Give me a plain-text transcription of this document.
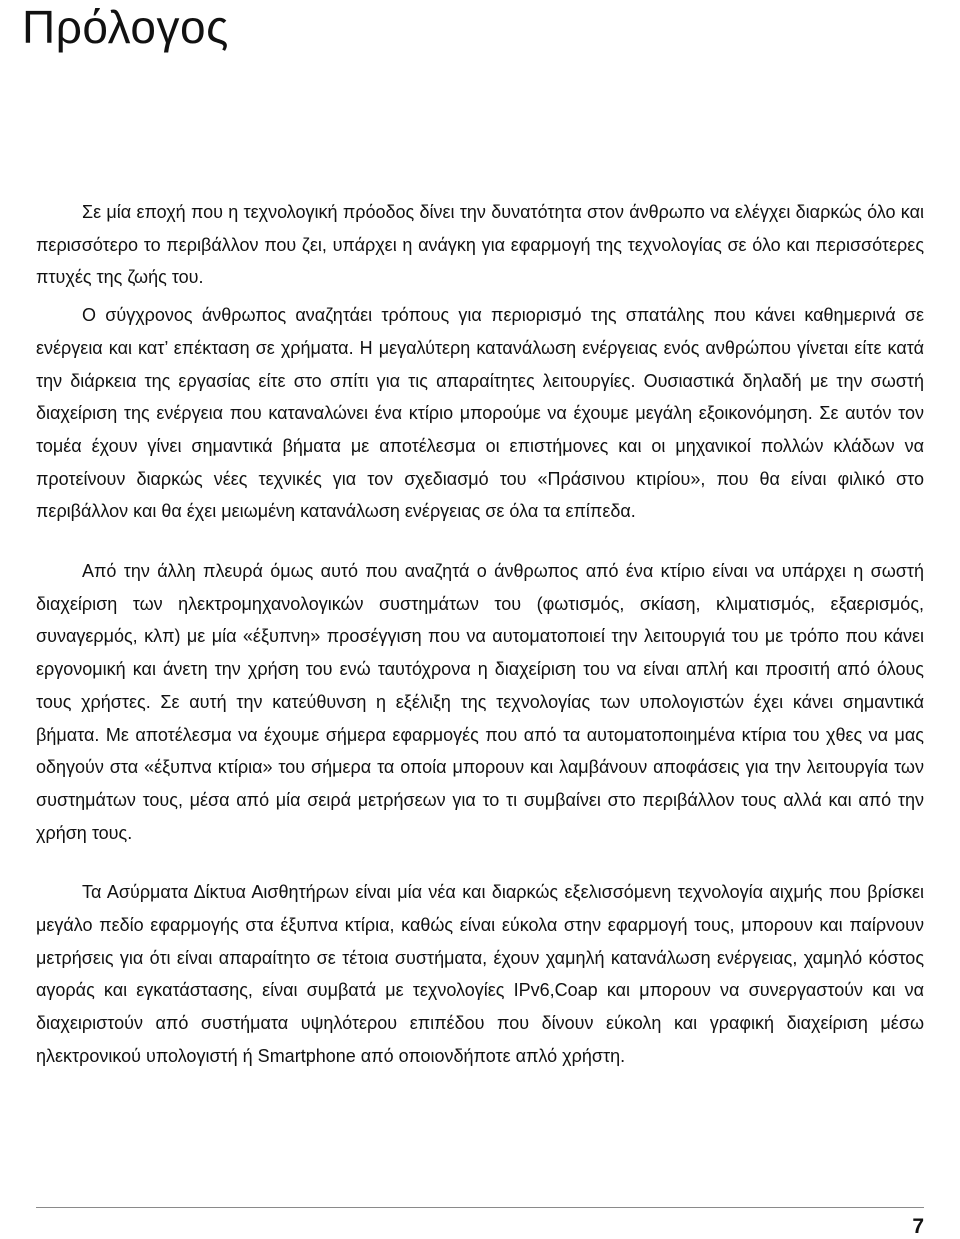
Πρόλογος

Σε μία εποχή που η τεχνολογική πρόοδος δίνει την δυνατότητα στον άνθρωπο να ελέγχει διαρκώς όλο και περισσότερο το περιβάλλον που ζει, υπάρχει η ανάγκη για εφαρμογή της τεχνολογίας σε όλο και περισσότερες πτυχές της ζωής του.

Ο σύγχρονος άνθρωπος αναζητάει τρόπους για περιορισμό της σπατάλης που κάνει καθημερινά σε ενέργεια και κατ’ επέκταση σε χρήματα. Η μεγαλύτερη κατανάλωση ενέργειας ενός ανθρώπου γίνεται είτε κατά την διάρκεια της εργασίας είτε στο σπίτι για τις απαραίτητες λειτουργίες. Ουσιαστικά δηλαδή με την σωστή διαχείριση της ενέργεια που καταναλώνει ένα κτίριο μπορούμε να έχουμε μεγάλη εξοικονόμηση. Σε αυτόν τον τομέα έχουν γίνει σημαντικά βήματα με αποτέλεσμα οι επιστήμονες και οι μηχανικοί πολλών κλάδων να προτείνουν διαρκώς νέες τεχνικές για τον σχεδιασμό του «Πράσινου κτιρίου», που θα είναι φιλικό στο περιβάλλον και θα έχει μειωμένη κατανάλωση ενέργειας σε όλα τα επίπεδα.

Από την άλλη πλευρά όμως αυτό που αναζητά ο άνθρωπος από ένα κτίριο είναι να υπάρχει η σωστή διαχείριση των ηλεκτρομηχανολογικών συστημάτων του (φωτισμός, σκίαση, κλιματισμός, εξαερισμός, συναγερμός, κλπ) με μία «έξυπνη» προσέγγιση που να αυτοματοποιεί την λειτουργιά του με τρόπο που κάνει εργονομική και άνετη την χρήση του ενώ ταυτόχρονα η διαχείριση του να είναι απλή και προσιτή από όλους τους χρήστες. Σε αυτή την κατεύθυνση η εξέλιξη της τεχνολογίας των υπολογιστών έχει κάνει σημαντικά βήματα. Με αποτέλεσμα να έχουμε σήμερα εφαρμογές που από τα αυτοματοποιημένα κτίρια του χθες να μας οδηγούν στα «έξυπνα κτίρια» του σήμερα τα οποία μπορουν και λαμβάνουν αποφάσεις για την λειτουργία των συστημάτων τους, μέσα από μία σειρά μετρήσεων για το τι συμβαίνει στο περιβάλλον τους αλλά και από την χρήση τους.

Τα Ασύρματα Δίκτυα Αισθητήρων είναι μία νέα και διαρκώς εξελισσόμενη τεχνολογία αιχμής που βρίσκει μεγάλο πεδίο εφαρμογής στα έξυπνα κτίρια, καθώς είναι εύκολα στην εφαρμογή τους, μπορουν και παίρνουν μετρήσεις για ότι είναι απαραίτητο σε τέτοια συστήματα, έχουν χαμηλή κατανάλωση ενέργειας, χαμηλό κόστος αγοράς και εγκατάστασης, είναι συμβατά με τεχνολογίες IPv6,Coap και μπορουν να συνεργαστούν και να διαχειριστούν από συστήματα υψηλότερου επιπέδου που δίνουν εύκολη και γραφική διαχείριση μέσω ηλεκτρονικού υπολογιστή ή Smartphone από οποιονδήποτε απλό χρήστη.

7
